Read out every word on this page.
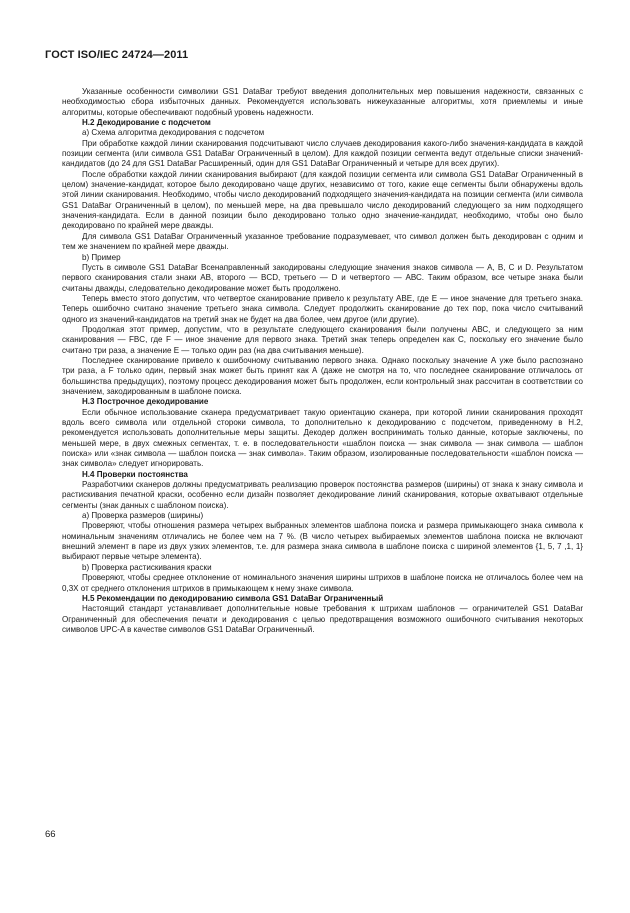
ГОСТ ISO/IEC 24724—2011

Указанные особенности символики GS1 DataBar требуют введения дополнительных мер повышения надежности, связанных с необходимостью сбора избыточных данных. Рекомендуется использовать нижеуказанные алгоритмы, хотя приемлемы и иные алгоритмы, которые обеспечивают подобный уровень надежности.

Н.2 Декодирование с подсчетом

а) Схема алгоритма декодирования с подсчетом

При обработке каждой линии сканирования подсчитывают число случаев декодирования какого-либо значения-кандидата в каждой позиции сегмента (или символа GS1 DataBar Ограниченный в целом). Для каждой позиции сегмента ведут отдельные списки значений-кандидатов (до 24 для GS1 DataBar Расширенный, один для GS1 DataBar Ограниченный и четыре для всех других).

После обработки каждой линии сканирования выбирают (для каждой позиции сегмента или символа GS1 DataBar Ограниченный в целом) значение-кандидат, которое было декодировано чаще других, независимо от того, какие еще сегменты были обнаружены вдоль этой линии сканирования. Необходимо, чтобы число декодирований подходящего значения-кандидата на позиции сегмента (или символа GS1 DataBar Ограниченный в целом), по меньшей мере, на два превышало число декодирований следующего за ним подходящего значения-кандидата. Если в данной позиции было декодировано только одно значение-кандидат, необходимо, чтобы оно было декодировано по крайней мере дважды.

Для символа GS1 DataBar Ограниченный указанное требование подразумевает, что символ должен быть декодирован с одним и тем же значением по крайней мере дважды.

b) Пример

Пусть в символе GS1 DataBar Всенаправленный закодированы следующие значения знаков символа — А, В, С и D. Результатом первого сканирования стали знаки АВ, второго — ВCD, третьего — D и четвертого — АВС. Таким образом, все четыре знака были считаны дважды, следовательно декодирование может быть продолжено.

Теперь вместо этого допустим, что четвертое сканирование привело к результату АВЕ, где Е — иное значение для третьего знака. Теперь ошибочно считано значение третьего знака символа. Следует продолжить сканирование до тех пор, пока число считываний одного из значений-кандидатов на третий знак не будет на два более, чем другое (или другие).

Продолжая этот пример, допустим, что в результате следующего сканирования были получены АВС, и следующего за ним сканирования — FBC, где F — иное значение для первого знака. Третий знак теперь определен как С, поскольку его значение было считано три раза, а значение Е — только один раз (на два считывания меньше).

Последнее сканирование привело к ошибочному считыванию первого знака. Однако поскольку значение А уже было распознано три раза, а F только один, первый знак может быть принят как А (даже не смотря на то, что последнее сканирование отличалось от большинства предыдущих), поэтому процесс декодирования может быть продолжен, если контрольный знак рассчитан в соответствии со значением, закодированным в шаблоне поиска.

Н.3 Построчное декодирование

Если обычное использование сканера предусматривает такую ориентацию сканера, при которой линии сканирования проходят вдоль всего символа или отдельной стороки символа, то дополнительно к декодированию с подсчетом, приведенному в Н.2, рекомендуется использовать дополнительные меры защиты. Декодер должен воспринимать только данные, которые заключены, по меньшей мере, в двух смежных сегментах, т. е. в последовательности «шаблон поиска — знак символа — знак символа — шаблон поиска» или «знак символа — шаблон поиска — знак символа». Таким образом, изолированные последовательности «шаблон поиска — знак символа» следует игнорировать.

Н.4 Проверки постоянства

Разработчики сканеров должны предусматривать реализацию проверок постоянства размеров (ширины) от знака к знаку символа и растискивания печатной краски, особенно если дизайн позволяет декодирование линий сканирования, которые охватывают отдельные сегменты (знак данных с шаблоном поиска).

а) Проверка размеров (ширины)

Проверяют, чтобы отношения размера четырех выбранных элементов шаблона поиска и размера примыкающего знака символа к номинальным значениям отличались не более чем на 7 %. (В число четырех выбираемых элементов шаблона поиска не включают внешний элемент в паре из двух узких элементов, т.е. для размера знака символа в шаблоне поиска с шириной элементов {1, 5, 7 ,1, 1} выбирают первые четыре элемента).

b) Проверка растискивания краски

Проверяют, чтобы среднее отклонение от номинального значения ширины штрихов в шаблоне поиска не отличалось более чем на 0,3X от среднего отклонения штрихов в примыкающем к нему знаке символа.

Н.5 Рекомендации по декодированию символа GS1 DataBar Ограниченный

Настоящий стандарт устанавливает дополнительные новые требования к штрихам шаблонов — ограничителей GS1 DataBar Ограниченный для обеспечения печати и декодирования с целью предотвращения возможного ошибочного считывания некоторых символов UPC-A в качестве символов GS1 DataBar Ограниченный.

66
